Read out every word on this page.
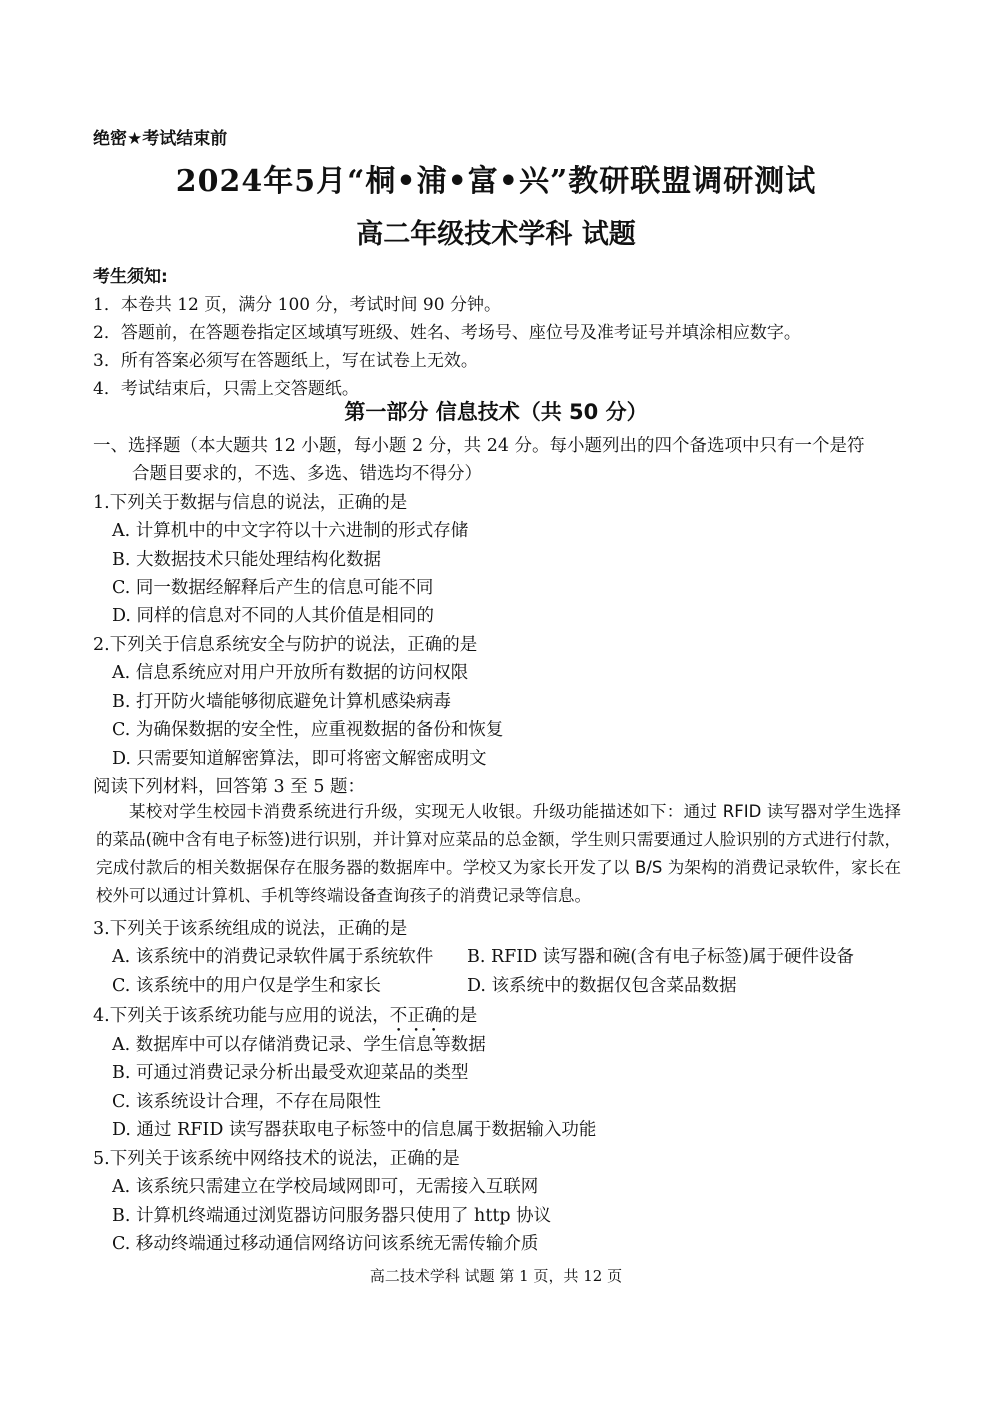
绝密★考试结束前
2024年5月“桐•浦•富•兴”教研联盟调研测试
高二年级技术学科 试题
考生须知:
1．本卷共 12 页，满分 100 分，考试时间 90 分钟。
2．答题前，在答题卷指定区域填写班级、姓名、考场号、座位号及准考证号并填涂相应数字。
3．所有答案必须写在答题纸上，写在试卷上无效。
4．考试结束后，只需上交答题纸。
第一部分 信息技术（共 50 分）
一、选择题（本大题共 12 小题，每小题 2 分，共 24 分。每小题列出的四个备选项中只有一个是符
合题目要求的，不选、多选、错选均不得分）
1.下列关于数据与信息的说法，正确的是
A. 计算机中的中文字符以十六进制的形式存储
B. 大数据技术只能处理结构化数据
C. 同一数据经解释后产生的信息可能不同
D. 同样的信息对不同的人其价值是相同的
2.下列关于信息系统安全与防护的说法，正确的是
A. 信息系统应对用户开放所有数据的访问权限
B. 打开防火墙能够彻底避免计算机感染病毒
C. 为确保数据的安全性，应重视数据的备份和恢复
D. 只需要知道解密算法，即可将密文解密成明文
阅读下列材料，回答第 3 至 5 题：

某校对学生校园卡消费系统进行升级，实现无人收银。升级功能描述如下：通过 RFID 读写器对学生选择的菜品(碗中含有电子标签)进行识别，并计算对应菜品的总金额，学生则只需要通过人脸识别的方式进行付款，完成付款后的相关数据保存在服务器的数据库中。学校又为家长开发了以 B/S 为架构的消费记录软件，家长在校外可以通过计算机、手机等终端设备查询孩子的消费记录等信息。

3.下列关于该系统组成的说法，正确的是
A. 该系统中的消费记录软件属于系统软件 B. RFID 读写器和碗(含有电子标签)属于硬件设备
C. 该系统中的用户仅是学生和家长	D. 该系统中的数据仅包含菜品数据
4.下列关于该系统功能与应用的说法，不正确的是
A. 数据库中可以存储消费记录、学生信息等数据
B. 可通过消费记录分析出最受欢迎菜品的类型
C. 该系统设计合理，不存在局限性
D. 通过 RFID 读写器获取电子标签中的信息属于数据输入功能
5.下列关于该系统中网络技术的说法，正确的是
A. 该系统只需建立在学校局域网即可，无需接入互联网
B. 计算机终端通过浏览器访问服务器只使用了 http 协议
C. 移动终端通过移动通信网络访问该系统无需传输介质
高二技术学科 试题 第 1 页，共 12 页
